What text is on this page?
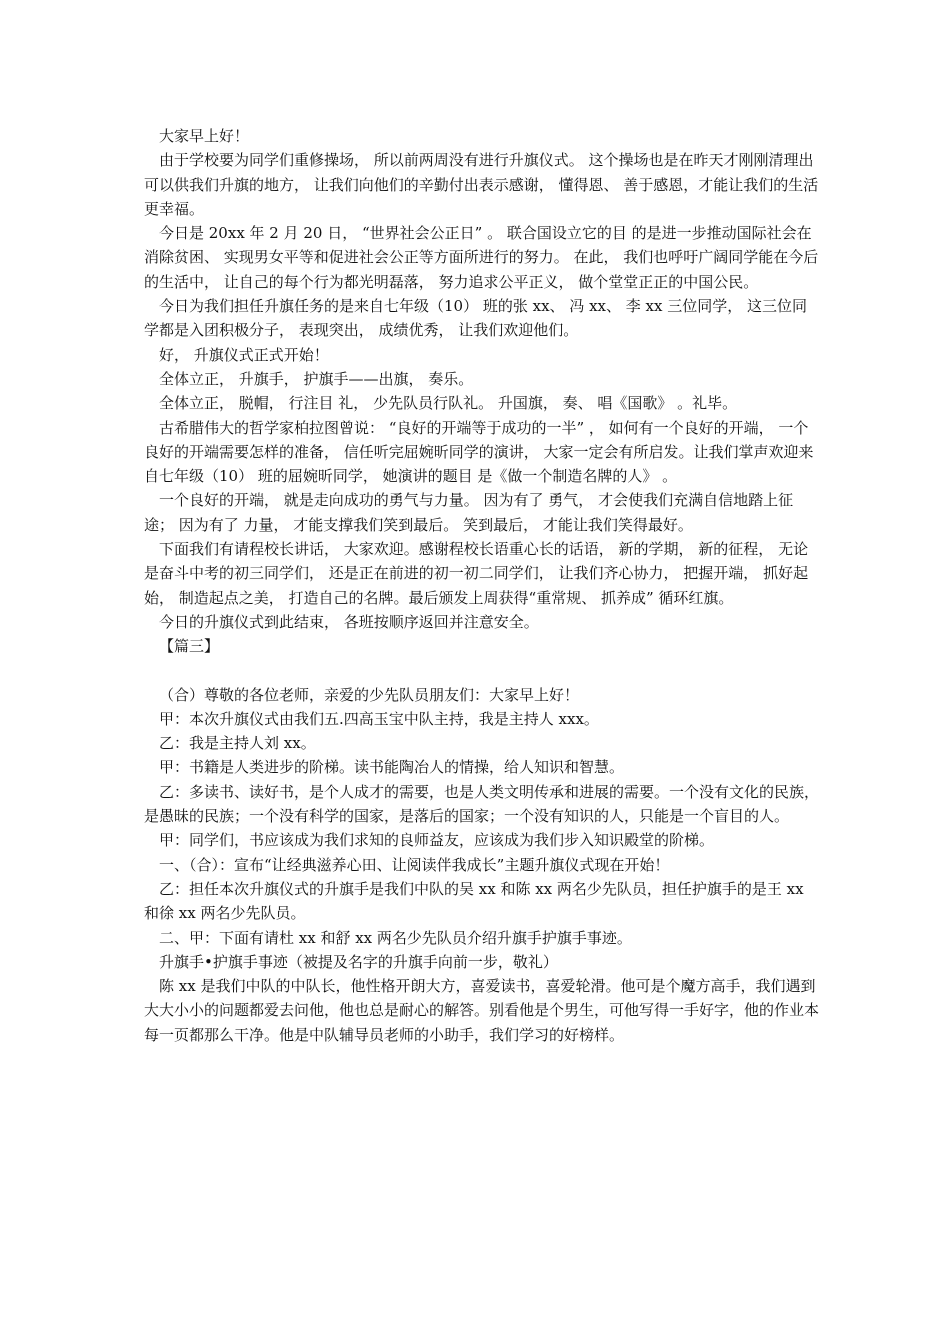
大家早上好！

由于学校要为同学们重修操场， 所以前两周没有进行升旗仪式。 这个操场也是在昨天才刚刚清理出可以供我们升旗的地方， 让我们向他们的辛勤付出表示感谢， 懂得恩、 善于感恩，才能让我们的生活更幸福。

今日是 20xx 年 2 月 20 日， “世界社会公正日” 。 联合国设立它的目 的是进一步推动国际社会在消除贫困、 实现男女平等和促进社会公正等方面所进行的努力。 在此， 我们也呼吁广阔同学能在今后的生活中， 让自己的每个行为都光明磊落， 努力追求公平正义， 做个堂堂正正的中国公民。

今日为我们担任升旗任务的是来自七年级（10） 班的张 xx、 冯 xx、 李 xx 三位同学， 这三位同学都是入团积极分子， 表现突出， 成绩优秀， 让我们欢迎他们。

好， 升旗仪式正式开始！

全体立正， 升旗手， 护旗手——出旗， 奏乐。

全体立正， 脱帽， 行注目 礼， 少先队员行队礼。 升国旗， 奏、 唱《国歌》 。礼毕。

古希腊伟大的哲学家柏拉图曾说： “良好的开端等于成功的一半” ， 如何有一个良好的开端， 一个良好的开端需要怎样的准备， 信任听完屈婉昕同学的演讲， 大家一定会有所启发。让我们掌声欢迎来自七年级（10） 班的屈婉昕同学， 她演讲的题目 是《做一个制造名牌的人》 。

一个良好的开端， 就是走向成功的勇气与力量。 因为有了 勇气， 才会使我们充满自信地踏上征途； 因为有了 力量， 才能支撑我们笑到最后。 笑到最后， 才能让我们笑得最好。

下面我们有请程校长讲话， 大家欢迎。感谢程校长语重心长的话语， 新的学期， 新的征程， 无论是奋斗中考的初三同学们， 还是正在前进的初一初二同学们， 让我们齐心协力， 把握开端， 抓好起始， 制造起点之美， 打造自己的名牌。最后颁发上周获得“重常规、 抓养成” 循环红旗。

今日的升旗仪式到此结束， 各班按顺序返回并注意安全。

【篇三】

（合）尊敬的各位老师，亲爱的少先队员朋友们：大家早上好！

甲：本次升旗仪式由我们五.四高玉宝中队主持，我是主持人 xxx。

乙：我是主持人刘 xx。

甲：书籍是人类进步的阶梯。读书能陶冶人的情操，给人知识和智慧。

乙：多读书、读好书，是个人成才的需要，也是人类文明传承和进展的需要。一个没有文化的民族，是愚昧的民族；一个没有科学的国家，是落后的国家；一个没有知识的人，只能是一个盲目的人。

甲：同学们，书应该成为我们求知的良师益友，应该成为我们步入知识殿堂的阶梯。

一、（合）：宣布“让经典滋养心田、让阅读伴我成长”主题升旗仪式现在开始！

乙：担任本次升旗仪式的升旗手是我们中队的吴 xx 和陈 xx 两名少先队员，担任护旗手的是王 xx 和徐 xx 两名少先队员。

二、甲：下面有请杜 xx 和舒 xx 两名少先队员介绍升旗手护旗手事迹。

升旗手•护旗手事迹（被提及名字的升旗手向前一步，敬礼）

陈 xx 是我们中队的中队长，他性格开朗大方，喜爱读书，喜爱轮滑。他可是个魔方高手，我们遇到大大小小的问题都爱去问他，他也总是耐心的解答。别看他是个男生，可他写得一手好字，他的作业本每一页都那么干净。他是中队辅导员老师的小助手，我们学习的好榜样。
